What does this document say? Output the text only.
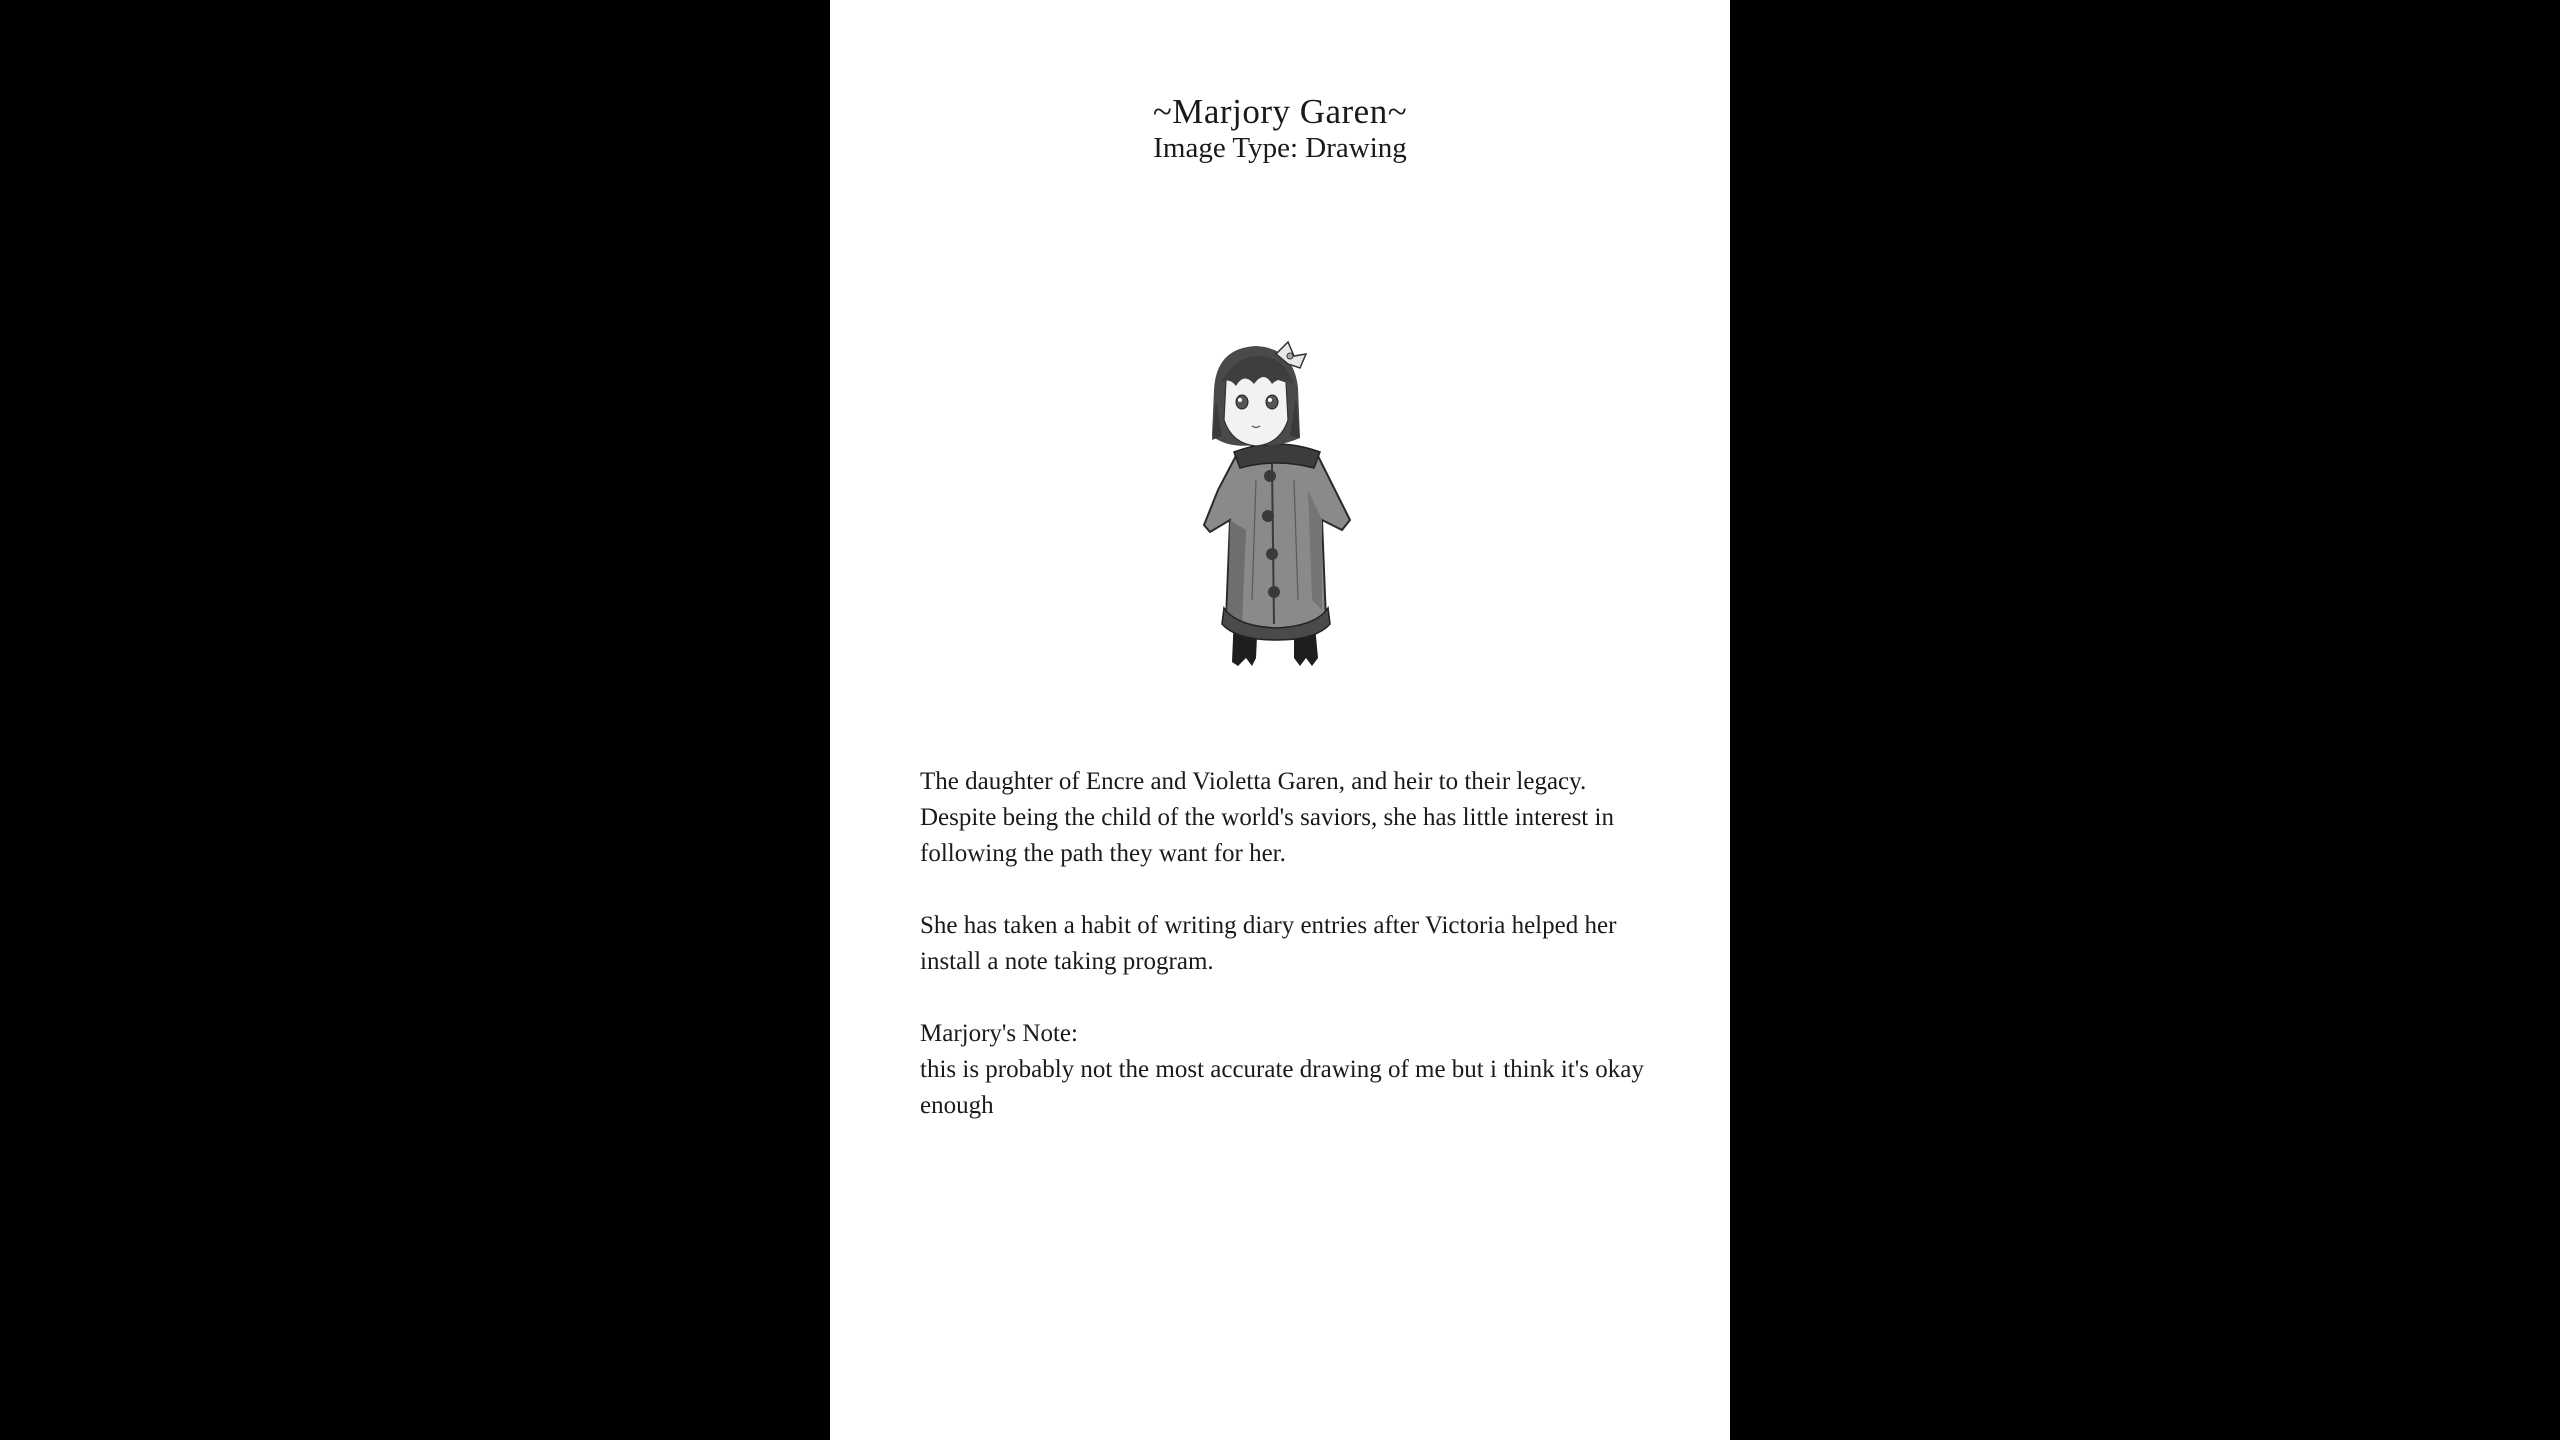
~Marjory Garen~
Image Type: Drawing

The daughter of Encre and Violetta Garen, and heir to their legacy. Despite being the child of the world's saviors, she has little interest in following the path they want for her.

She has taken a habit of writing diary entries after Victoria helped her install a note taking program.

Marjory's Note:
this is probably not the most accurate drawing of me but i think it's okay enough
